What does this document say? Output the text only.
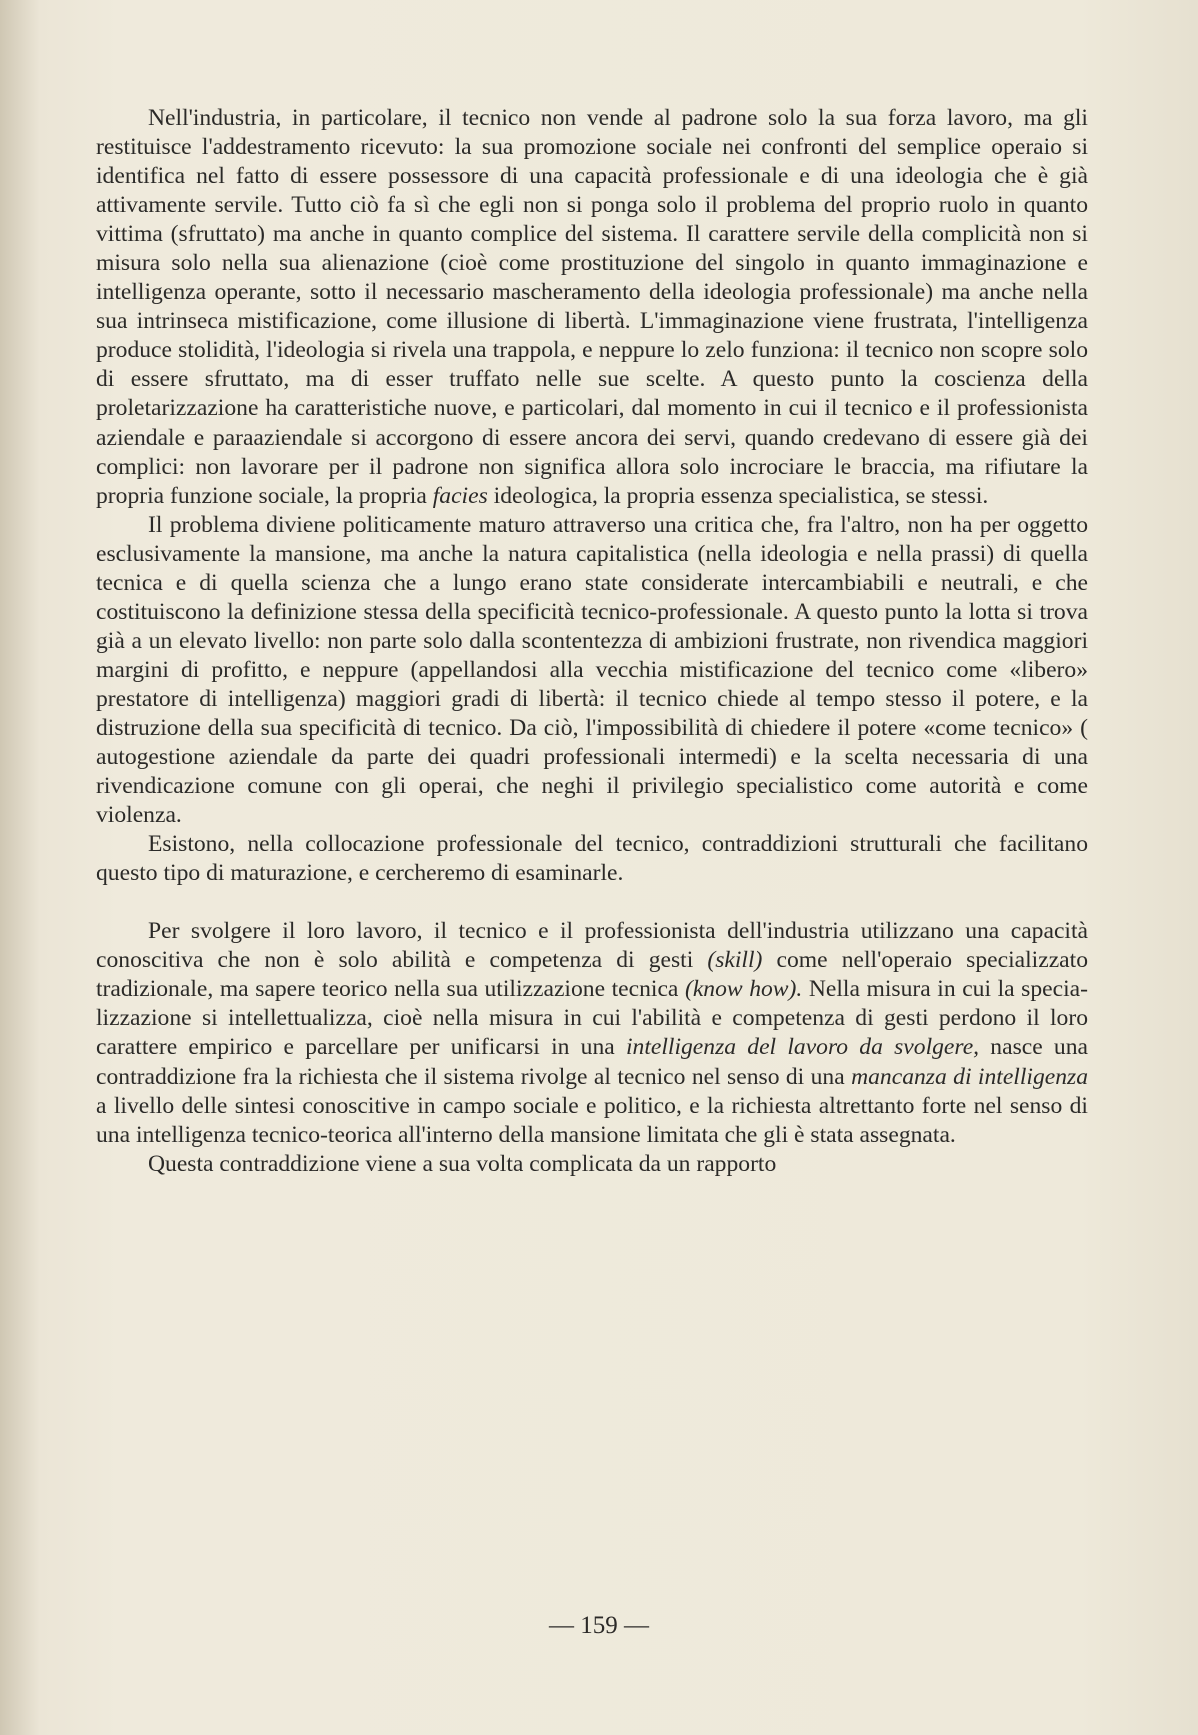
Nell'industria, in particolare, il tecnico non vende al padrone solo la sua forza lavoro, ma gli restituisce l'addestramento ricevuto: la sua promozione sociale nei confronti del semplice operaio si identifica nel fatto di essere possessore di una capacità professionale e di una ideologia che è già attivamente servile. Tutto ciò fa sì che egli non si ponga solo il problema del proprio ruolo in quanto vittima (sfruttato) ma anche in quanto complice del sistema. Il carattere servile della complicità non si misura solo nella sua alienazione (cioè come prostituzione del singolo in quanto immaginazione e intelligenza operante, sotto il necessario mascheramento della ideologia professionale) ma anche nella sua intrinseca mistificazione, come illusione di libertà. L'immaginazione viene frustrata, l'intelligenza produce stolidità, l'ideologia si rivela una trappola, e neppure lo zelo funziona: il tecnico non scopre solo di essere sfruttato, ma di esser truffato nelle sue scelte. A questo punto la coscienza della proletarizzazione ha caratteristiche nuove, e particolari, dal momento in cui il tecnico e il professionista aziendale e paraaziendale si accorgono di essere ancora dei servi, quando credevano di essere già dei complici: non lavorare per il padrone non significa allora solo incrociare le braccia, ma rifiutare la propria funzione sociale, la propria facies ideologica, la propria essenza specialistica, se stessi.

Il problema diviene politicamente maturo attraverso una critica che, fra l'altro, non ha per oggetto esclusivamente la mansione, ma anche la natura capitalistica (nella ideologia e nella prassi) di quella tecnica e di quella scienza che a lungo erano state considerate intercambiabili e neutrali, e che costituiscono la definizione stessa della specificità tecnico-professionale. A questo punto la lotta si trova già a un elevato livello: non parte solo dalla scontentezza di ambizioni frustrate, non rivendica maggiori margini di profitto, e neppure (appellandosi alla vecchia mistificazione del tecnico come «libero» prestatore di intelligenza) maggiori gradi di libertà: il tecnico chiede al tempo stesso il potere, e la distruzione della sua specificità di tecnico. Da ciò, l'impossibilità di chiedere il potere «come tecnico» ( autogestione aziendale da parte dei quadri professionali intermedi) e la scelta necessaria di una rivendicazione comune con gli operai, che neghi il privilegio specialistico come autorità e come violenza.

Esistono, nella collocazione professionale del tecnico, contraddizioni strutturali che facilitano questo tipo di maturazione, e cercheremo di esaminarle.

Per svolgere il loro lavoro, il tecnico e il professionista dell'industria utilizzano una capacità conoscitiva che non è solo abilità e competenza di gesti (skill) come nell'operaio specializzato tradizionale, ma sapere teorico nella sua utilizzazione tecnica (know how). Nella misura in cui la specializzazione si intellettualizza, cioè nella misura in cui l'abilità e competenza di gesti perdono il loro carattere empirico e parcellare per unificarsi in una intelligenza del lavoro da svolgere, nasce una contraddizione fra la richiesta che il sistema rivolge al tecnico nel senso di una mancanza di intelligenza a livello delle sintesi conoscitive in campo sociale e politico, e la richiesta altrettanto forte nel senso di una intelligenza tecnico-teorica all'interno della mansione limitata che gli è stata assegnata.

Questa contraddizione viene a sua volta complicata da un rapporto

— 159 —
